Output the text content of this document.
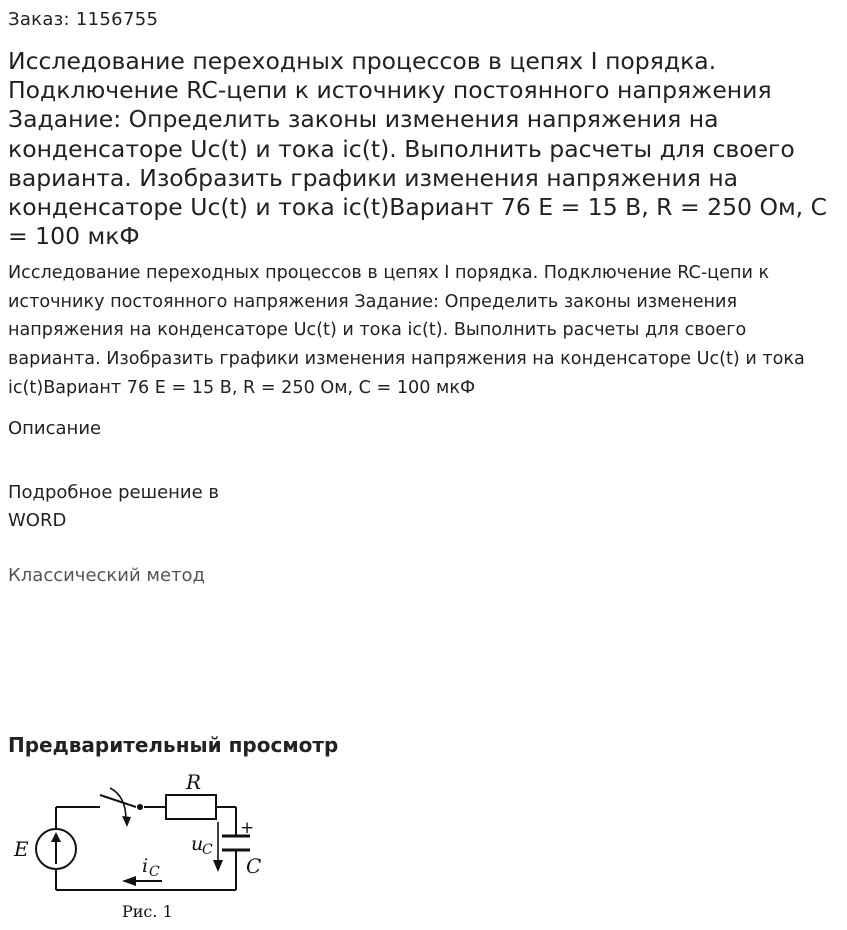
Заказ: 1156755
Исследование переходных процессов в цепях I порядка. Подключение RC-цепи к источнику постоянного напряжения Задание: Определить законы изменения напряжения на конденсаторе Uc(t) и тока ic(t). Выполнить расчеты для своего варианта. Изобразить графики изменения напряжения на конденсаторе Uc(t) и тока ic(t)Вариант 76 E = 15 В, R = 250 Ом, C = 100 мкФ

Исследование переходных процессов в цепях I порядка. Подключение RC-цепи к источнику постоянного напряжения Задание: Определить законы изменения напряжения на конденсаторе Uc(t) и тока ic(t). Выполнить расчеты для своего варианта. Изобразить графики изменения напряжения на конденсаторе Uc(t) и тока ic(t)Вариант 76 E = 15 В, R = 250 Ом, C = 100 мкФ

Описание
Подробное решение в WORD
Классический метод
Предварительный просмотр
E
R
u
C
+
C
i C
Рис. 1
